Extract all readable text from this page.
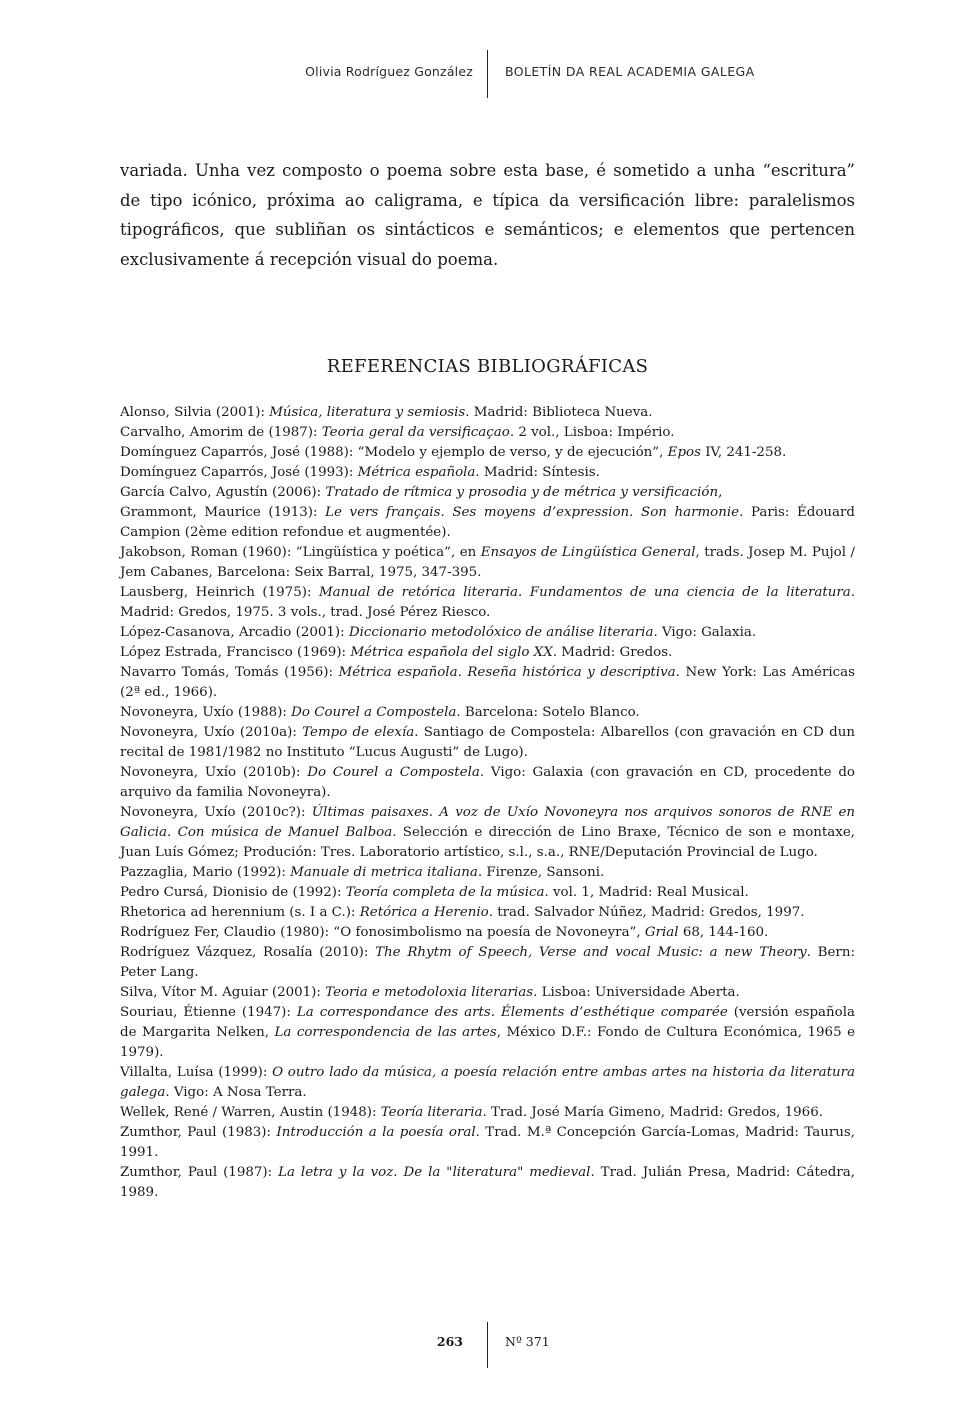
Olivia Rodríguez González	BOLETÍN DA REAL ACADEMIA GALEGA

variada. Unha vez composto o poema sobre esta base, é sometido a unha “escritura” de tipo icónico, próxima ao caligrama, e típica da versificación libre: paralelismos tipográficos, que subliñan os sintácticos e semánticos; e elementos que pertencen exclusivamente á recepción visual do poema.

REFERENCIAS BIBLIOGRÁFICAS

Alonso, Silvia (2001): Música, literatura y semiosis. Madrid: Biblioteca Nueva.

Carvalho, Amorim de (1987): Teoria geral da versificaçao. 2 vol., Lisboa: Império.

Domínguez Caparrós, José (1988): “Modelo y ejemplo de verso, y de ejecución”, Epos IV, 241-258.

Domínguez Caparrós, José (1993): Métrica española. Madrid: Síntesis.

García Calvo, Agustín (2006): Tratado de rítmica y prosodia y de métrica y versificación,

Grammont, Maurice (1913): Le vers français. Ses moyens d’expression. Son harmonie. Paris: Édouard Campion (2ème edition refondue et augmentée).

Jakobson, Roman (1960): “Lingüística y poética”, en Ensayos de Lingüística General, trads. Josep M. Pujol / Jem Cabanes, Barcelona: Seix Barral, 1975, 347-395.

Lausberg, Heinrich (1975): Manual de retórica literaria. Fundamentos de una ciencia de la literatura. Madrid: Gredos, 1975. 3 vols., trad. José Pérez Riesco.

López-Casanova, Arcadio (2001): Diccionario metodolóxico de análise literaria. Vigo: Galaxia.

López Estrada, Francisco (1969): Métrica española del siglo XX. Madrid: Gredos.

Navarro Tomás, Tomás (1956): Métrica española. Reseña histórica y descriptiva. New York: Las Américas (2ª ed., 1966).

Novoneyra, Uxío (1988): Do Courel a Compostela. Barcelona: Sotelo Blanco.

Novoneyra, Uxío (2010a): Tempo de elexía. Santiago de Compostela: Albarellos (con gravación en CD dun recital de 1981/1982 no Instituto “Lucus Augusti” de Lugo).

Novoneyra, Uxío (2010b): Do Courel a Compostela. Vigo: Galaxia (con gravación en CD, procedente do arquivo da familia Novoneyra).

Novoneyra, Uxío (2010c?): Últimas paisaxes. A voz de Uxío Novoneyra nos arquivos sonoros de RNE en Galicia. Con música de Manuel Balboa. Selección e dirección de Lino Braxe, Técnico de son e montaxe, Juan Luís Gómez; Produción: Tres. Laboratorio artístico, s.l., s.a., RNE/Deputación Provincial de Lugo.

Pazzaglia, Mario (1992): Manuale di metrica italiana. Firenze, Sansoni.

Pedro Cursá, Dionisio de (1992): Teoría completa de la música. vol. 1, Madrid: Real Musical.

Rhetorica ad herennium (s. I a C.): Retórica a Herenio. trad. Salvador Núñez, Madrid: Gredos, 1997.

Rodríguez Fer, Claudio (1980): “O fonosimbolismo na poesía de Novoneyra”, Grial 68, 144-160.

Rodríguez Vázquez, Rosalía (2010): The Rhytm of Speech, Verse and vocal Music: a new Theory. Bern: Peter Lang.

Silva, Vítor M. Aguiar (2001): Teoria e metodoloxia literarias. Lisboa: Universidade Aberta.

Souriau, Étienne (1947): La correspondance des arts. Élements d’esthétique comparée (versión española de Margarita Nelken, La correspondencia de las artes, México D.F.: Fondo de Cultura Económica, 1965 e 1979).

Villalta, Luísa (1999): O outro lado da música, a poesía relación entre ambas artes na historia da literatura galega. Vigo: A Nosa Terra.

Wellek, René / Warren, Austin (1948): Teoría literaria. Trad. José María Gimeno, Madrid: Gredos, 1966.

Zumthor, Paul (1983): Introducción a la poesía oral. Trad. M.ª Concepción García-Lomas, Madrid: Taurus, 1991.

Zumthor, Paul (1987): La letra y la voz. De la "literatura" medieval. Trad. Julián Presa, Madrid: Cátedra, 1989.

263	Nº 371
